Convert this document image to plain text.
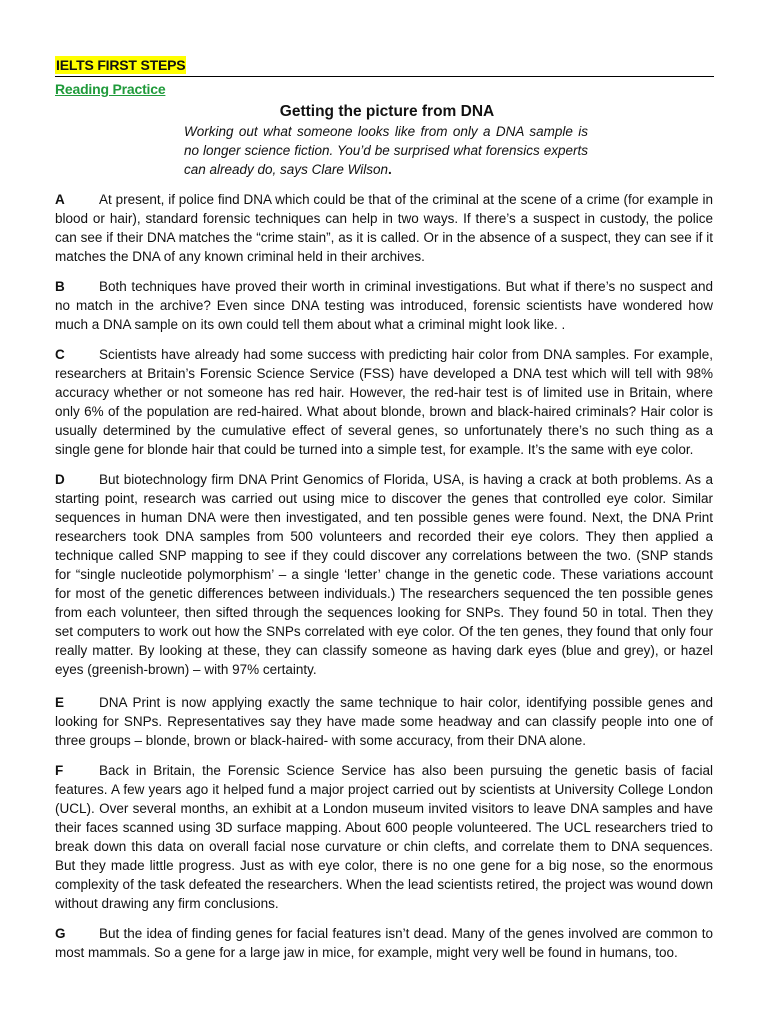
IELTS FIRST STEPS
Reading Practice
Getting the picture from DNA
Working out what someone looks like from only a DNA sample is no longer science fiction. You’d be surprised what forensics experts can already do, says Clare Wilson.

A	At present, if police find DNA which could be that of the criminal at the scene of a crime (for example in blood or hair), standard forensic techniques can help in two ways. If there’s a suspect in custody, the police can see if their DNA matches the “crime stain”, as it is called. Or in the absence of a suspect, they can see if it matches the DNA of any known criminal held in their archives.

B	Both techniques have proved their worth in criminal investigations. But what if there’s no suspect and no match in the archive? Even since DNA testing was introduced, forensic scientists have wondered how much a DNA sample on its own could tell them about what a criminal might look like. .

C	Scientists have already had some success with predicting hair color from DNA samples. For example, researchers at Britain’s Forensic Science Service (FSS) have developed a DNA test which will tell with 98% accuracy whether or not someone has red hair. However, the red-hair test is of limited use in Britain, where only 6% of the population are red-haired. What about blonde, brown and black-haired criminals? Hair color is usually determined by the cumulative effect of several genes, so unfortunately there’s no such thing as a single gene for blonde hair that could be turned into a simple test, for example. It’s the same with eye color.

D	But biotechnology firm DNA Print Genomics of Florida, USA, is having a crack at both problems. As a starting point, research was carried out using mice to discover the genes that controlled eye color. Similar sequences in human DNA were then investigated, and ten possible genes were found. Next, the DNA Print researchers took DNA samples from 500 volunteers and recorded their eye colors. They then applied a technique called SNP mapping to see if they could discover any correlations between the two. (SNP stands for “single nucleotide polymorphism’ – a single ‘letter’ change in the genetic code. These variations account for most of the genetic differences between individuals.) The researchers sequenced the ten possible genes from each volunteer, then sifted through the sequences looking for SNPs. They found 50 in total. Then they set computers to work out how the SNPs correlated with eye color. Of the ten genes, they found that only four really matter. By looking at these, they can classify someone as having dark eyes (blue and grey), or hazel eyes (greenish-brown) – with 97% certainty.

E	DNA Print is now applying exactly the same technique to hair color, identifying possible genes and looking for SNPs. Representatives say they have made some headway and can classify people into one of three groups – blonde, brown or black-haired- with some accuracy, from their DNA alone.

F	Back in Britain, the Forensic Science Service has also been pursuing the genetic basis of facial features. A few years ago it helped fund a major project carried out by scientists at University College London (UCL). Over several months, an exhibit at a London museum invited visitors to leave DNA samples and have their faces scanned using 3D surface mapping. About 600 people volunteered. The UCL researchers tried to break down this data on overall facial nose curvature or chin clefts, and correlate them to DNA sequences. But they made little progress. Just as with eye color, there is no one gene for a big nose, so the enormous complexity of the task defeated the researchers. When the lead scientists retired, the project was wound down without drawing any firm conclusions.

G But the idea of finding genes for facial features isn’t dead. Many of the genes involved are common to most mammals. So a gene for a large jaw in mice, for example, might very well be found in humans, too.
